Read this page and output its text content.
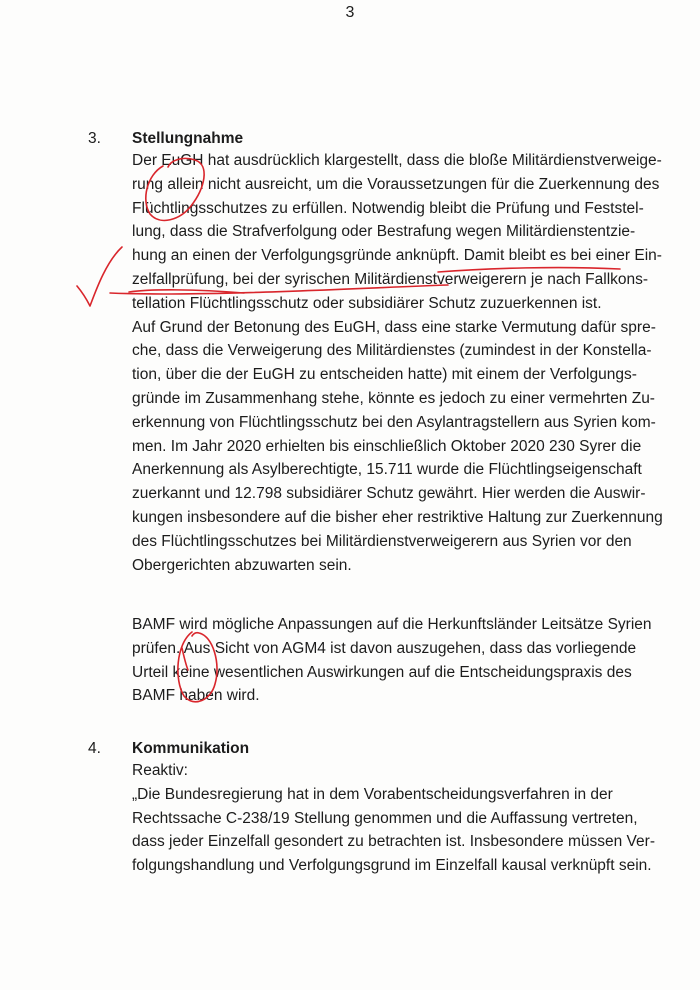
3
3. Stellungnahme
Der EuGH hat ausdrücklich klargestellt, dass die bloße Militärdienstverweige-
rung allein nicht ausreicht, um die Voraussetzungen für die Zuerkennung des
Flüchtlingsschutzes zu erfüllen. Notwendig bleibt die Prüfung und Feststel-
lung, dass die Strafverfolgung oder Bestrafung wegen Militärdienstentzie-
hung an einen der Verfolgungsgründe anknüpft. Damit bleibt es bei einer Ein-
zelfallprüfung, bei der syrischen Militärdienstverweigerern je nach Fallkons-
tellation Flüchtlingsschutz oder subsidiärer Schutz zuzuerkennen ist.
Auf Grund der Betonung des EuGH, dass eine starke Vermutung dafür spre-
che, dass die Verweigerung des Militärdienstes (zumindest in der Konstella-
tion, über die der EuGH zu entscheiden hatte) mit einem der Verfolgungs-
gründe im Zusammenhang stehe, könnte es jedoch zu einer vermehrten Zu-
erkennung von Flüchtlingsschutz bei den Asylantragstellern aus Syrien kom-
men. Im Jahr 2020 erhielten bis einschließlich Oktober 2020 230 Syrer die
Anerkennung als Asylberechtigte, 15.711 wurde die Flüchtlingseigenschaft
zuerkannt und 12.798 subsidiärer Schutz gewährt. Hier werden die Auswir-
kungen insbesondere auf die bisher eher restriktive Haltung zur Zuerkennung
des Flüchtlingsschutzes bei Militärdienstverweigerern aus Syrien vor den
Obergerichten abzuwarten sein.
BAMF wird mögliche Anpassungen auf die Herkunftsländer Leitsätze Syrien
prüfen. Aus Sicht von AGM4 ist davon auszugehen, dass das vorliegende
Urteil keine wesentlichen Auswirkungen auf die Entscheidungspraxis des
BAMF haben wird.
4. Kommunikation
Reaktiv:
„Die Bundesregierung hat in dem Vorabentscheidungsverfahren in der
Rechtssache C-238/19 Stellung genommen und die Auffassung vertreten,
dass jeder Einzelfall gesondert zu betrachten ist. Insbesondere müssen Ver-
folgungshandlung und Verfolgungsgrund im Einzelfall kausal verknüpft sein.
